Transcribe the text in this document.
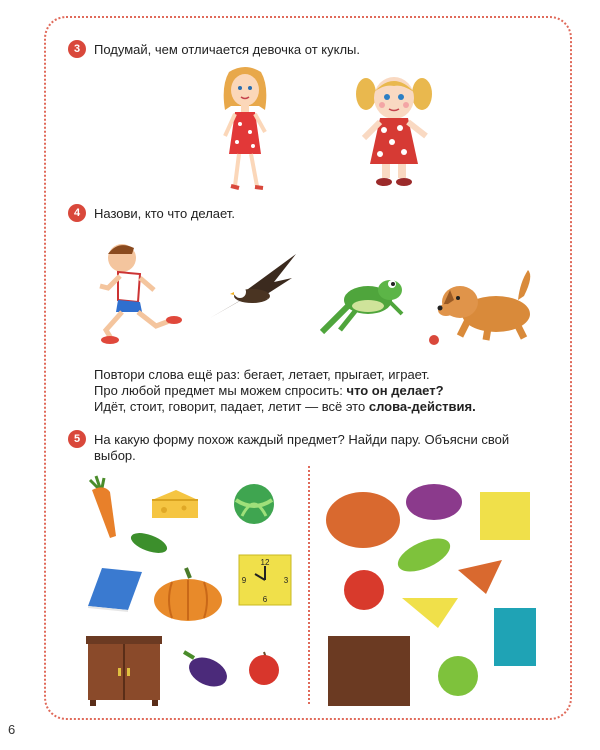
3	Подумай, чем отличается девочка от куклы.
4	Назови, кто что делает.
Повтори слова ещё раз: бегает, летает, прыгает, играет.
Про любой предмет мы можем спросить: что он делает?
Идёт, стоит, говорит, падает, летит — всё это слова-действия.
5	На какую форму похож каждый предмет? Найди пару. Объясни свой
выбор.
12
3
6
9
6
